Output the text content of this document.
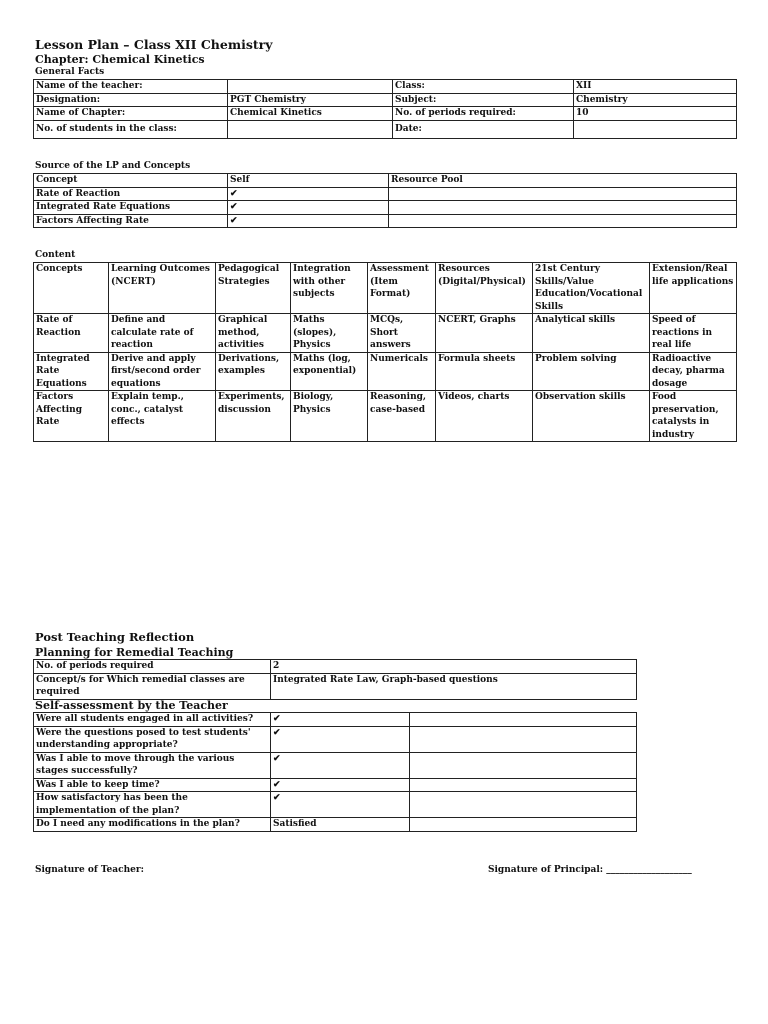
Lesson Plan – Class XII Chemistry
Chapter: Chemical Kinetics
General Facts
Name of the teacher:		Class:	XII
Designation:	PGT Chemistry	Subject:	Chemistry
Name of Chapter:	Chemical Kinetics	No. of periods required:	10
No. of students in the class:		Date:	
Source of the LP and Concepts
Concept	Self	Resource Pool
Rate of Reaction	✔	
Integrated Rate Equations	✔	
Factors Affecting Rate	✔	
Content
Concepts	Learning Outcomes (NCERT)	Pedagogical Strategies	Integration with other subjects	Assessment (Item Format)	Resources (Digital/Physical)	21st Century Skills/Value Education/Vocational Skills	Extension/Real life applications
Rate of Reaction	Define and calculate rate of reaction	Graphical method, activities	Maths (slopes), Physics	MCQs, Short answers	NCERT, Graphs	Analytical skills	Speed of reactions in real life
Integrated Rate Equations	Derive and apply first/second order equations	Derivations, examples	Maths (log, exponential)	Numericals	Formula sheets	Problem solving	Radioactive decay, pharma dosage
Factors Affecting Rate	Explain temp., conc., catalyst effects	Experiments, discussion	Biology, Physics	Reasoning, case-based	Videos, charts	Observation skills	Food preservation, catalysts in industry
Post Teaching Reflection
Planning for Remedial Teaching
No. of periods required	2
Concept/s for Which remedial classes are required	Integrated Rate Law, Graph-based questions
Self-assessment by the Teacher
Were all students engaged in all activities?	✔	
Were the questions posed to test students' understanding appropriate?	✔	
Was I able to move through the various stages successfully?	✔	
Was I able to keep time?	✔	
How satisfactory has been the implementation of the plan?	✔	
Do I need any modifications in the plan?	Satisfied	
Signature of Teacher:	Signature of Principal: ___________________
